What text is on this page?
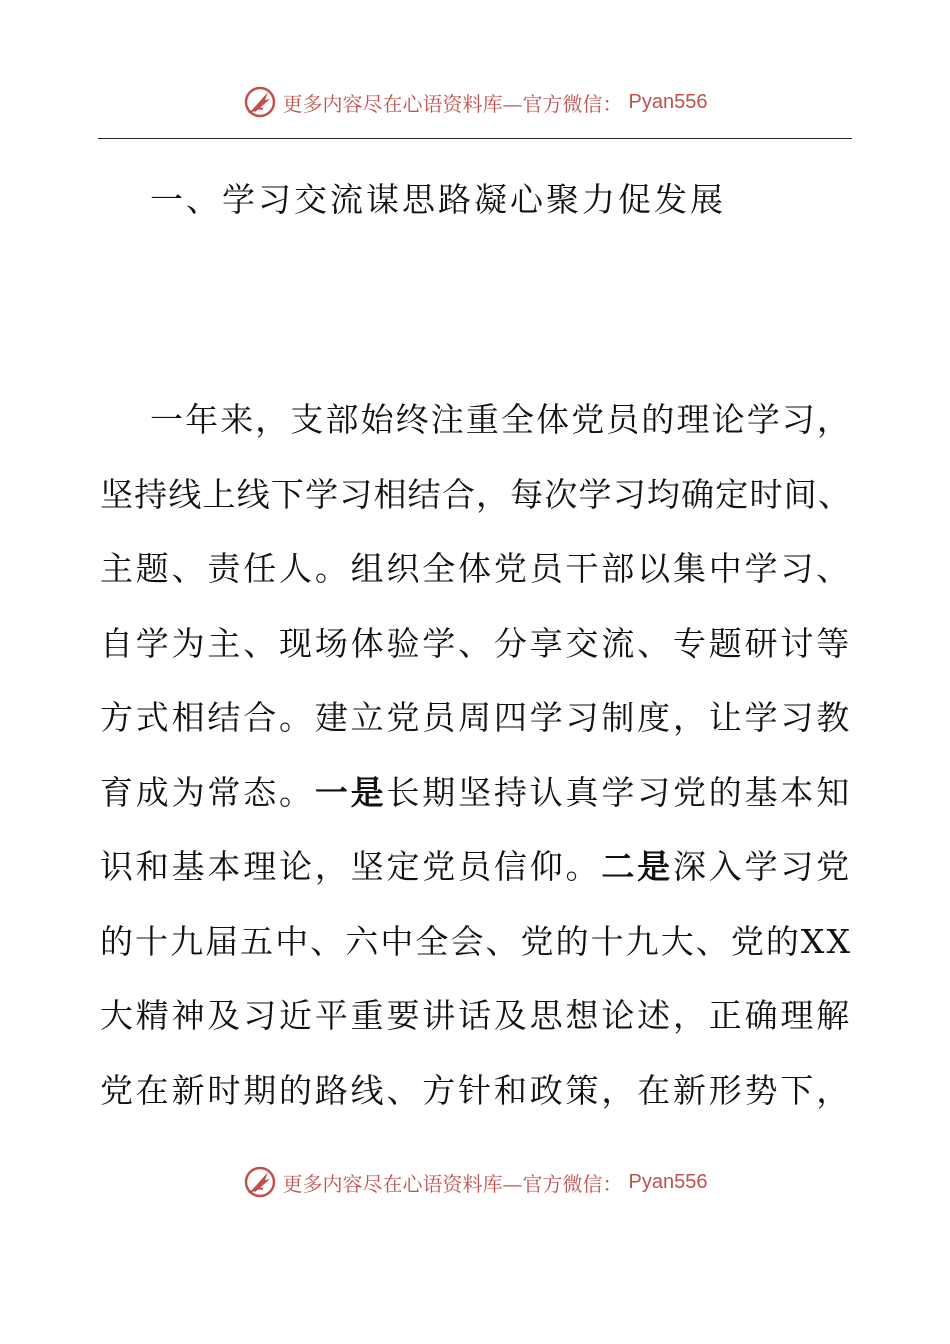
更多内容尽在心语资料库—官方微信： Pyan556
一、学习交流谋思路凝心聚力促发展
一年来，支部始终注重全体党员的理论学习，
坚持线上线下学习相结合，每次学习均确定时间、
主题、责任人。组织全体党员干部以集中学习、
自学为主、现场体验学、分享交流、专题研讨等
方式相结合。建立党员周四学习制度，让学习教
育成为常态。一是长期坚持认真学习党的基本知
识和基本理论，坚定党员信仰。二是深入学习党
的十九届五中、六中全会、党的十九大、党的XX
大精神及习近平重要讲话及思想论述，正确理解
党在新时期的路线、方针和政策，在新形势下，
更多内容尽在心语资料库—官方微信： Pyan556
